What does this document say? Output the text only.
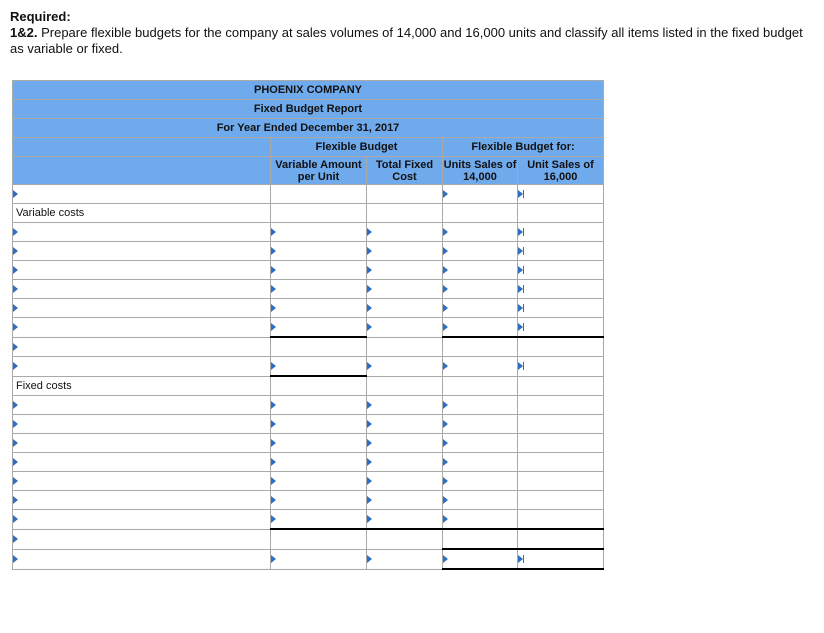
Required:
1&2. Prepare flexible budgets for the company at sales volumes of 14,000 and 16,000 units and classify all items listed in the fixed budget as variable or fixed.
PHOENIX COMPANY				
Fixed Budget Report				
For Year Ended December 31, 2017				
	Flexible Budget		Flexible Budget for:	
	Variable Amount per Unit	Total Fixed Cost	Units Sales of 14,000	Unit Sales of 16,000

Variable costs				

Fixed costs				
